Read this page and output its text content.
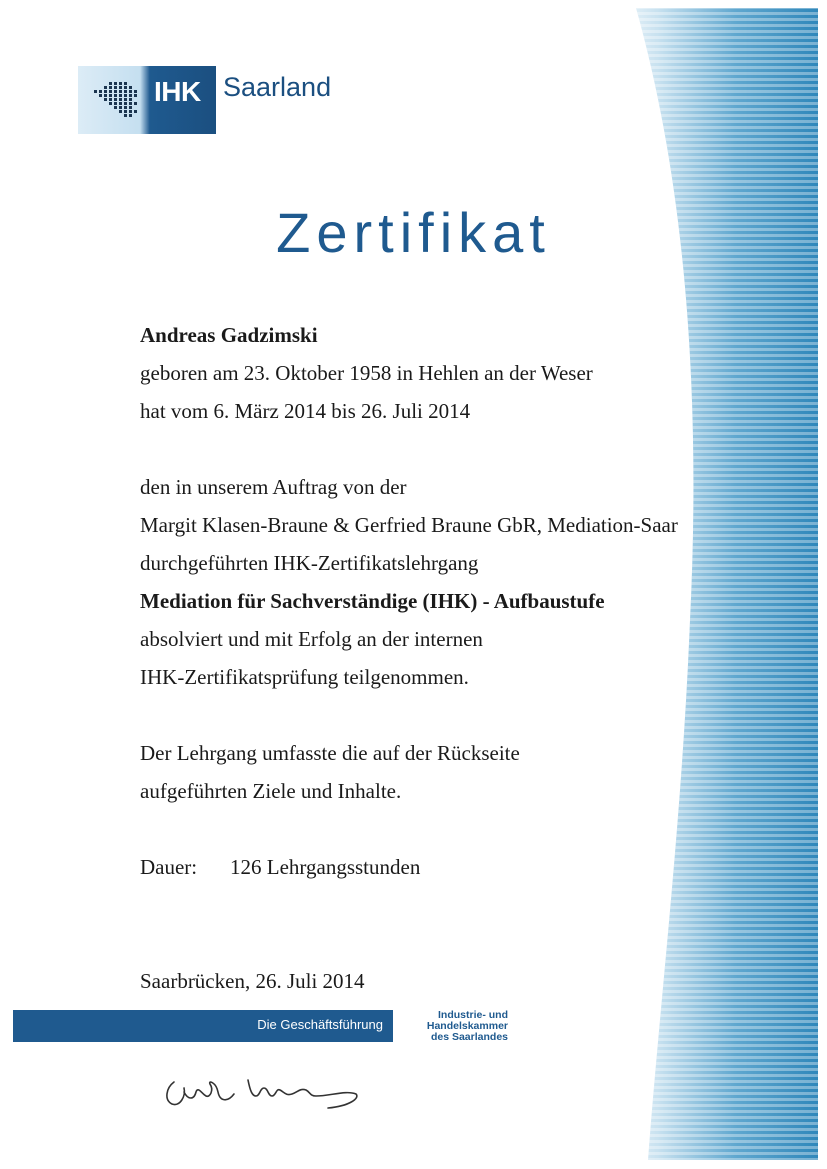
IHK Saarland
Zertifikat
Andreas Gadzimski
geboren am 23. Oktober 1958 in Hehlen an der Weser
hat vom 6. März 2014 bis 26. Juli 2014
den in unserem Auftrag von der
Margit Klasen-Braune & Gerfried Braune GbR, Mediation-Saar
durchgeführten IHK-Zertifikatslehrgang
Mediation für Sachverständige (IHK) - Aufbaustufe
absolviert und mit Erfolg an der internen
IHK-Zertifikatsprüfung teilgenommen.
Der Lehrgang umfasste die auf der Rückseite
aufgeführten Ziele und Inhalte.
Dauer: 126 Lehrgangsstunden
Saarbrücken, 26. Juli 2014
Die Geschäftsführung
Industrie- und
Handelskammer
des Saarlandes
